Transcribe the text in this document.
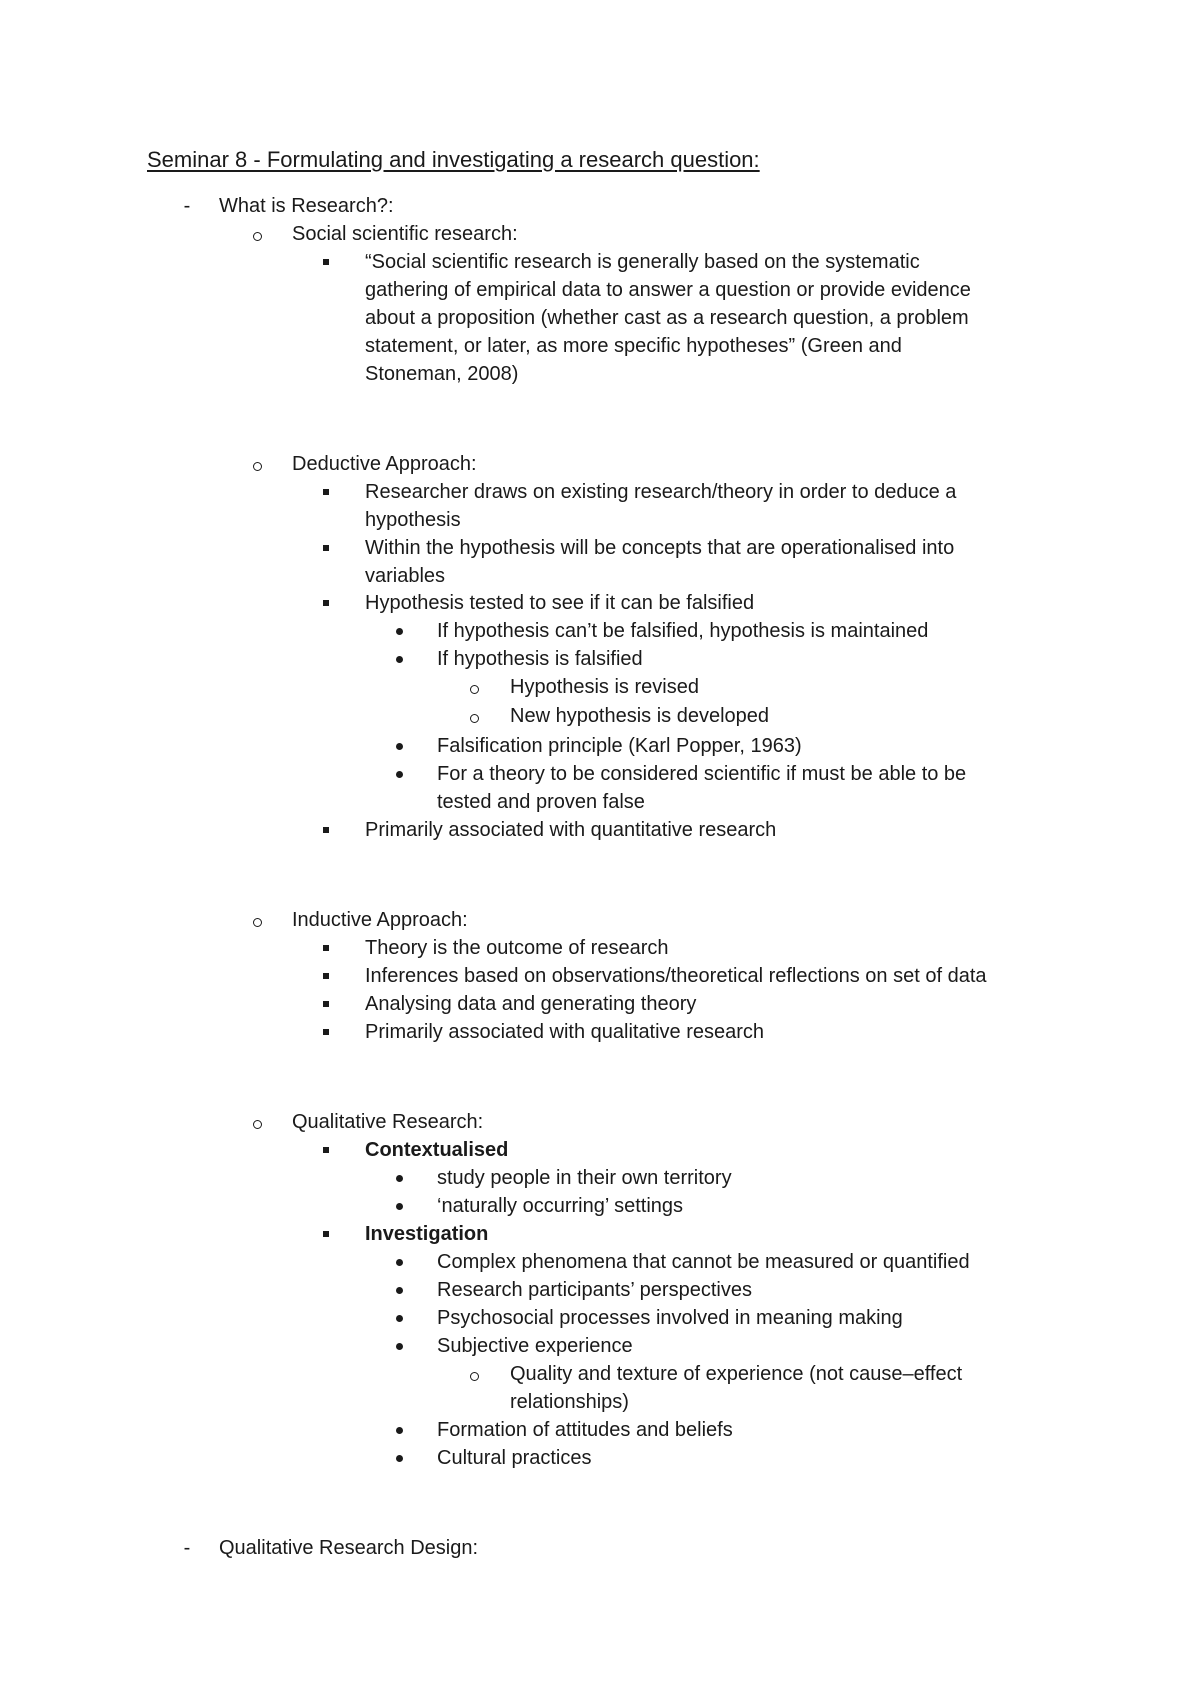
Seminar 8 - Formulating and investigating a research question:
-
What is Research?:
Social scientific research:
“Social scientific research is generally based on the systematic
gathering of empirical data to answer a question or provide evidence
about a proposition (whether cast as a research question, a problem
statement, or later, as more specific hypotheses” (Green and
Stoneman, 2008)
Deductive Approach:
Researcher draws on existing research/theory in order to deduce a
hypothesis
Within the hypothesis will be concepts that are operationalised into
variables
Hypothesis tested to see if it can be falsified
If hypothesis can’t be falsified, hypothesis is maintained
If hypothesis is falsified
Hypothesis is revised
New hypothesis is developed
Falsification principle (Karl Popper, 1963)
For a theory to be considered scientific if must be able to be
tested and proven false
Primarily associated with quantitative research
Inductive Approach:
Theory is the outcome of research
Inferences based on observations/theoretical reflections on set of data
Analysing data and generating theory
Primarily associated with qualitative research
Qualitative Research:
Contextualised
study people in their own territory
‘naturally occurring’ settings
Investigation
Complex phenomena that cannot be measured or quantified
Research participants’ perspectives
Psychosocial processes involved in meaning making
Subjective experience
Quality and texture of experience (not cause–effect
relationships)
Formation of attitudes and beliefs
Cultural practices
-
Qualitative Research Design:
